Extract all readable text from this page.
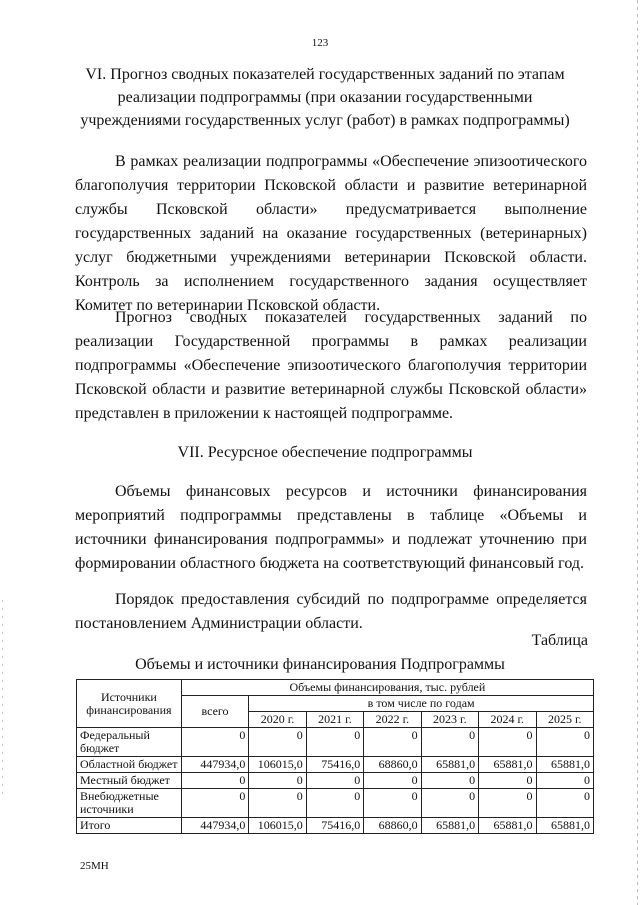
123
VI. Прогноз сводных показателей государственных заданий по этапам реализации подпрограммы (при оказании государственными учреждениями государственных услуг (работ) в рамках подпрограммы)
В рамках реализации подпрограммы «Обеспечение эпизоотического благополучия территории Псковской области и развитие ветеринарной службы Псковской области» предусматривается выполнение государственных заданий на оказание государственных (ветеринарных) услуг бюджетными учреждениями ветеринарии Псковской области. Контроль за исполнением государственного задания осуществляет Комитет по ветеринарии Псковской области.
Прогноз сводных показателей государственных заданий по реализации Государственной программы в рамках реализации подпрограммы «Обеспечение эпизоотического благополучия территории Псковской области и развитие ветеринарной службы Псковской области» представлен в приложении к настоящей подпрограмме.
VII. Ресурсное обеспечение подпрограммы
Объемы финансовых ресурсов и источники финансирования мероприятий подпрограммы представлены в таблице «Объемы и источники финансирования подпрограммы» и подлежат уточнению при формировании областного бюджета на соответствующий финансовый год.
Порядок предоставления субсидий по подпрограмме определяется постановлением Администрации области.
Таблица
Объемы и источники финансирования Подпрограммы
Источники финансирования	Объемы финансирования, тыс. рублей						
	всего	в том числе по годам					
		2020 г.	2021 г.	2022 г.	2023 г.	2024 г.	2025 г.
Федеральный бюджет	0	0	0	0	0	0	0
Областной бюджет	447934,0	106015,0	75416,0	68860,0	65881,0	65881,0	65881,0
Местный бюджет	0	0	0	0	0	0	0
Внебюджетные источники	0	0	0	0	0	0	0
Итого	447934,0	106015,0	75416,0	68860,0	65881,0	65881,0	65881,0
25МН
